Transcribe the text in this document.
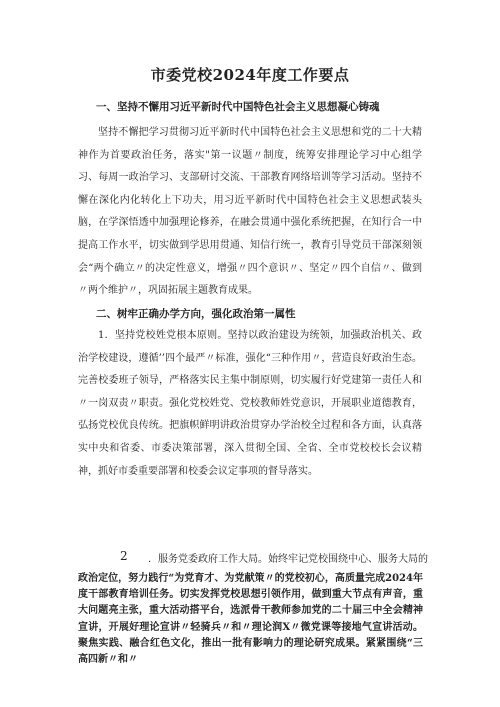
市委党校2024年度工作要点
一、坚持不懈用习近平新时代中国特色社会主义思想凝心铸魂

坚持不懈把学习贯彻习近平新时代中国特色社会主义思想和党的二十大精神作为首要政治任务，落实"第一议题〃制度，统筹安排理论学习中心组学习、每周一政治学习、支部研讨交流、干部教育网络培训等学习活动。坚持不懈在深化内化转化上下功夫，用习近平新时代中国特色社会主义思想武装头脑，在学深悟透中加强理论修养，在融会贯通中强化系统把握，在知行合一中提高工作水平，切实做到学思用贯通、知信行统一，教育引导党员干部深刻领会“两个确立〃的决定性意义，增强〃四个意识〃、坚定〃四个自信〃、做到〃两个维护〃，巩固拓展主题教育成果。

二、树牢正确办学方向，强化政治第一属性

1．坚持党校姓党根本原则。坚持以政治建设为统领，加强政治机关、政治学校建设，遵循’’四个最严〃标准，强化“三种作用〃，营造良好政治生态。完善校委班子领导，严格落实民主集中制原则，切实履行好党建第一责任人和〃一岗双责〃职责。强化党校姓党、党校教师姓党意识，开展职业道德教育，弘扬党校优良传统。把旗帜鲜明讲政治贯穿办学治校全过程和各方面，认真落实中央和省委、市委决策部署，深入贯彻全国、全省、全市党校校长会议精神，抓好市委重要部署和校委会议定事项的督导落实。

2 ．服务党委政府工作大局。始终牢记党校围绕中心、服务大局的

政治定位，努力践行“为党育才、为党献策〃的党校初心，高质量完成2024年度干部教育培训任务。切实发挥党校思想引领作用，做到重大节点有声音，重大问题亮主张，重大活动搭平台，选派骨干教师参加党的二十届三中全会精神宣讲，开展好理论宣讲〃轻骑兵〃和〃理论润X〃微党课等接地气宣讲活动。聚焦实践、融合红色文化，推出一批有影响力的理论研究成果。紧紧围绕“三高四新〃和〃
